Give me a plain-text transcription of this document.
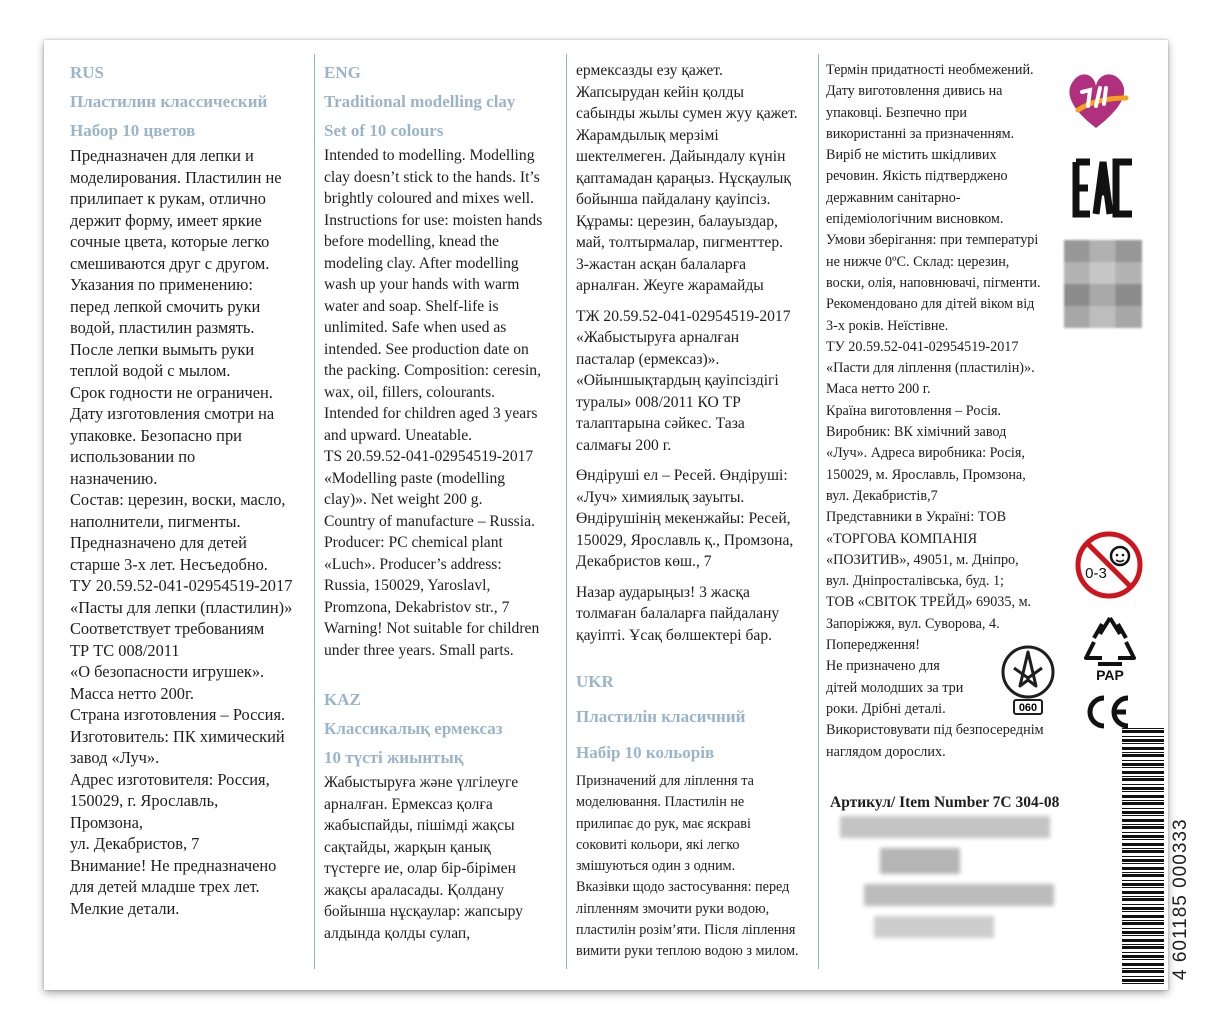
RUS

Пластилин классический

Набор 10 цветов

Предназначен для лепки и
моделирования. Пластилин не
прилипает к рукам, отлично
держит форму, имеет яркие
сочные цвета, которые легко
смешиваются друг с другом.
Указания по применению:
перед лепкой смочить руки
водой, пластилин размять.
После лепки вымыть руки
теплой водой с мылом.
Срок годности не ограничен.
Дату изготовления смотри на
упаковке. Безопасно при
использовании по
назначению.
Состав: церезин, воски, масло,
наполнители, пигменты.
Предназначено для детей
старше 3-х лет. Несъедобно.
ТУ 20.59.52-041-02954519-2017
«Пасты для лепки (пластилин)»
Соответствует требованиям
ТР ТС 008/2011
«О безопасности игрушек».
Масса нетто 200г.
Страна изготовления – Россия.
Изготовитель: ПК химический
завод «Луч».
Адрес изготовителя: Россия,
150029, г. Ярославль,
Промзона,
ул. Декабристов, 7
Внимание! Не предназначено
для детей младше трех лет.
Мелкие детали.

ENG

Traditional modelling clay

Set of 10 colours

Intended to modelling. Modelling
clay doesn’t stick to the hands. It’s
brightly coloured and mixes well.
Instructions for use: moisten hands
before modelling, knead the
modeling clay. After modelling
wash up your hands with warm
water and soap. Shelf-life is
unlimited. Safe when used as
intended. See production date on
the packing. Composition: ceresin,
wax, oil, fillers, colourants.
Intended for children aged 3 years
and upward. Uneatable.
TS 20.59.52-041-02954519-2017
«Modelling paste (modelling
clay)». Net weight 200 g.
Country of manufacture – Russia.
Producer: PC chemical plant
«Luch». Producer’s address:
Russia, 150029, Yaroslavl,
Promzona, Dekabristov str., 7
Warning! Not suitable for children
under three years. Small parts.

KAZ

Классикалық ермексаз

10 түсті жиынтық

Жабыстыруға және үлгілеуге
арналған. Ермексаз қолға
жабыспайды, пішімді жақсы
сақтайды, жарқын қанық
түстерге ие, олар бір-бірімен
жақсы араласады. Қолдану
бойынша нұсқаулар: жапсыру
алдында қолды сулап,
ермексазды езу қажет.
Жапсырудан кейін қолды
сабынды жылы сумен жуу қажет.
Жарамдылық мерзімі
шектелмеген. Дайындалу күнін
қаптамадан қараңыз. Нұсқаулық
бойынша пайдалану қауіпсіз.
Құрамы: церезин, балауыздар,
май, толтырмалар, пигменттер.
3-жастан асқан балаларға
арналған. Жеуге жарамайды
ТЖ 20.59.52-041-02954519-2017
«Жабыстыруға арналған
пасталар (ермексаз)».
«Ойыншықтардың қауіпсіздігі
туралы» 008/2011 КО ТР
талаптарына сәйкес. Таза
салмағы 200 г.
Өндіруші ел – Ресей. Өндіруші:
«Луч» химиялық зауыты.
Өндірушінің мекенжайы: Ресей,
150029, Ярославль қ., Промзона,
Декабристов көш., 7
Назар аударыңыз! 3 жасқа
толмаған балаларға пайдалану
қауіпті. Ұсақ бөлшектері бар.

UKR

Пластилін класичний

Набір 10 кольорів

Призначений для ліплення та
моделювання. Пластилін не
прилипає до рук, має яскраві
соковиті кольори, які легко
змішуються один з одним.
Вказівки щодо застосування: перед
ліпленням змочити руки водою,
пластилін розім’яти. Після ліплення
вимити руки теплою водою з милом.
Термін придатності необмежений.
Дату виготовлення дивись на
упаковці. Безпечно при
використанні за призначенням.
Виріб не містить шкідливих
речовин. Якість підтверджено
державним санітарно-
епідеміологічним висновком.
Умови зберігання: при температурі
не нижче 0ºС. Склад: церезин,
воски, олія, наповнювачі, пігменти.
Рекомендовано для дітей віком від
3-х років. Неїстівне.
ТУ 20.59.52-041-02954519-2017
«Пасти для ліплення (пластилін)».
Маса нетто 200 г.
Країна виготовлення – Росія.
Виробник: ВК хімічний завод
«Луч». Адреса виробника: Росія,
150029, м. Ярославль, Промзона,
вул. Декабристів,7
Представники в Україні: ТОВ
«ТОРГОВА КОМПАНІЯ
«ПОЗИТИВ», 49051, м. Дніпро,
вул. Дніпросталівська, буд. 1;
ТОВ «СВІТОК ТРЕЙД» 69035, м.
Запоріжжя, вул. Суворова, 4.
Попередження!
Не призначено для
дітей молодших за три
роки. Дрібні деталі.
Використовувати під безпосереднім
наглядом дорослих.
060
Артикул/ Item Number 7С 304-08
0-3
PAP
4 601185 000333
